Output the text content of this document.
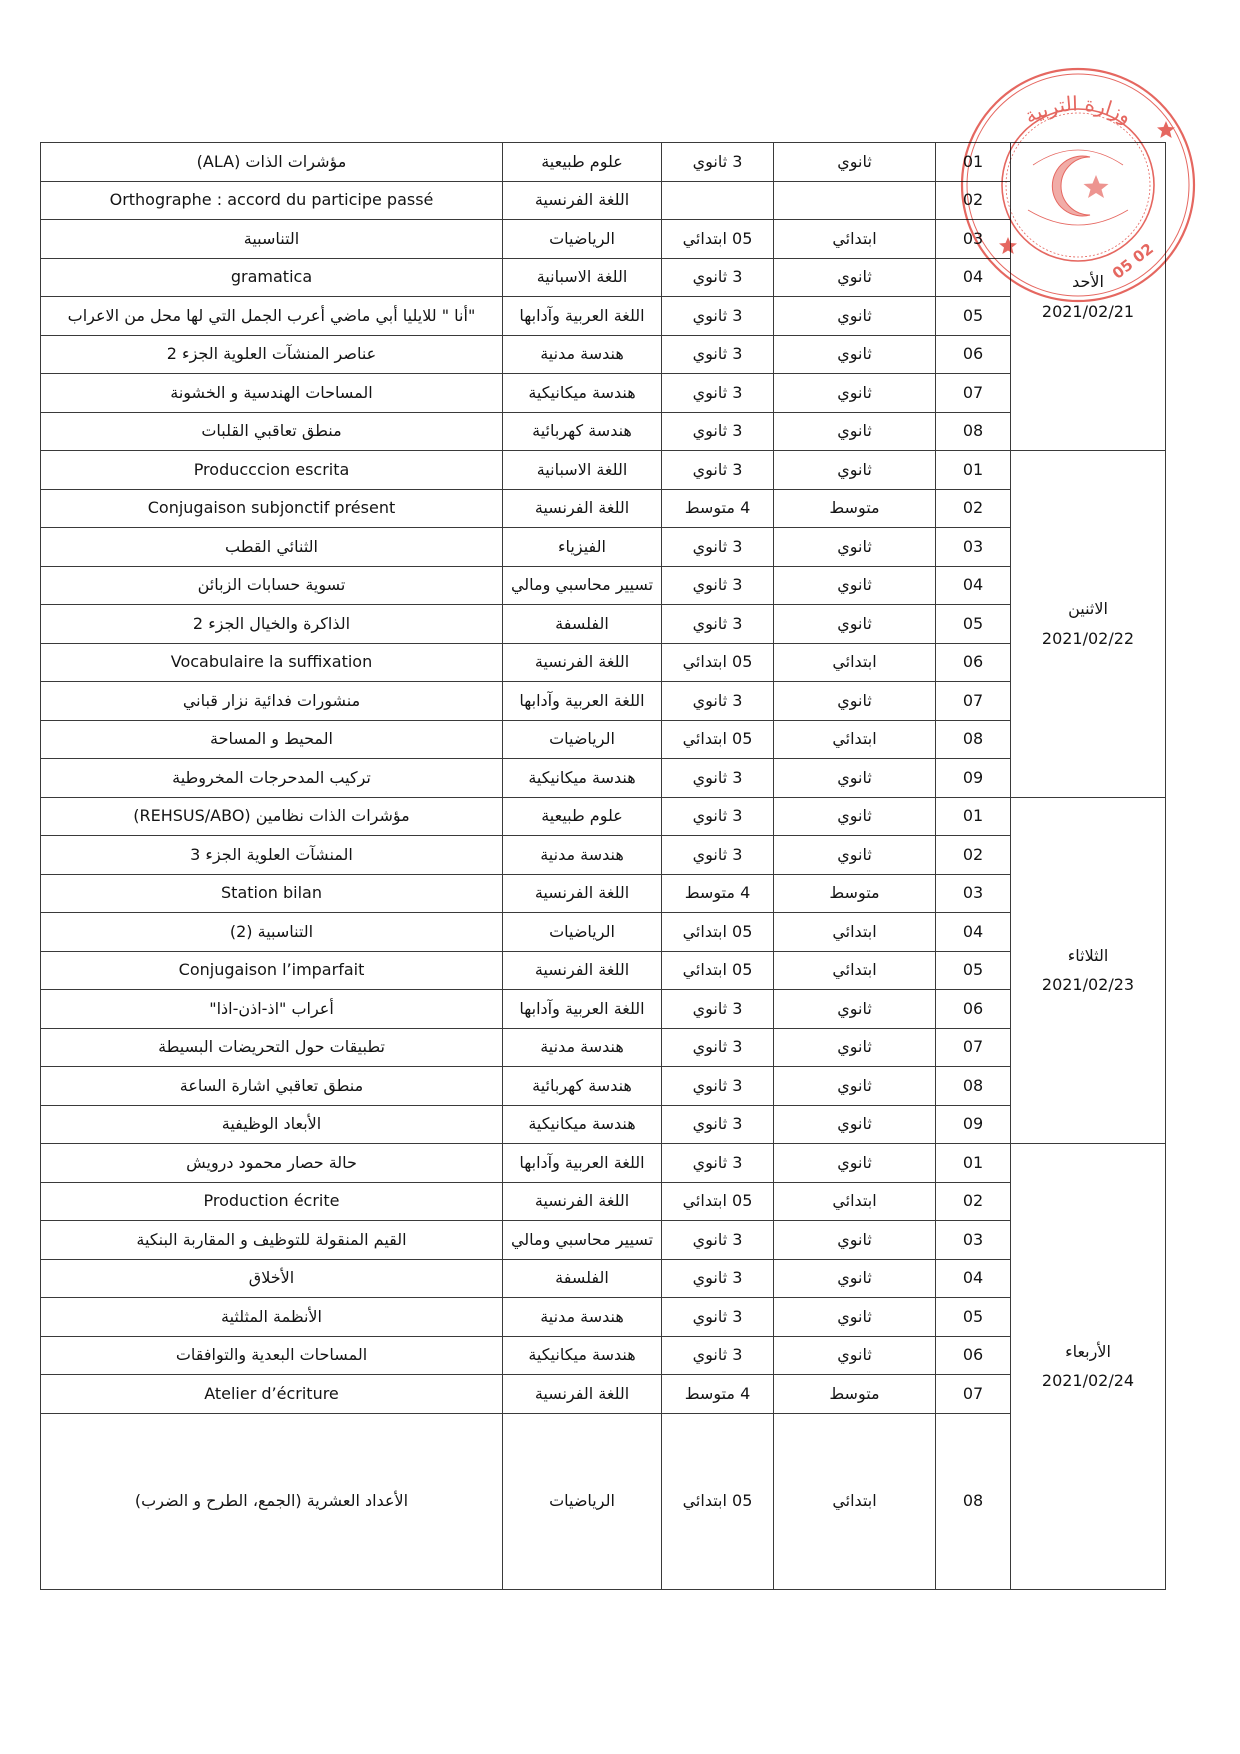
الأحد
2021/02/21	01	ثانوي	3 ثانوي	علوم طبيعية	مؤشرات الذات (ALA)
	02			اللغة الفرنسية	Orthographe : accord du participe passé
	03	ابتدائي	05 ابتدائي	الرياضيات	التناسبية
	04	ثانوي	3 ثانوي	اللغة الاسبانية	gramatica
	05	ثانوي	3 ثانوي	اللغة العربية وآدابها	"أنا " للايليا أبي ماضي أعرب الجمل التي لها محل من الاعراب
	06	ثانوي	3 ثانوي	هندسة مدنية	عناصر المنشآت العلوية الجزء 2
	07	ثانوي	3 ثانوي	هندسة ميكانيكية	المساحات الهندسية و الخشونة
	08	ثانوي	3 ثانوي	هندسة كهربائية	منطق تعاقبي القلبات

الاثنين
2021/02/22	01	ثانوي	3 ثانوي	اللغة الاسبانية	Producccion escrita
	02	متوسط	4 متوسط	اللغة الفرنسية	Conjugaison subjonctif présent
	03	ثانوي	3 ثانوي	الفيزياء	الثنائي القطب
	04	ثانوي	3 ثانوي	تسيير محاسبي ومالي	تسوية حسابات الزبائن
	05	ثانوي	3 ثانوي	الفلسفة	الذاكرة والخيال الجزء 2
	06	ابتدائي	05 ابتدائي	اللغة الفرنسية	Vocabulaire la suffixation
	07	ثانوي	3 ثانوي	اللغة العربية وآدابها	منشورات فدائية نزار قباني
	08	ابتدائي	05 ابتدائي	الرياضيات	المحيط و المساحة
	09	ثانوي	3 ثانوي	هندسة ميكانيكية	تركيب المدحرجات المخروطية

الثلاثاء
2021/02/23	01	ثانوي	3 ثانوي	علوم طبيعية	مؤشرات الذات نظامين (REHSUS/ABO)
	02	ثانوي	3 ثانوي	هندسة مدنية	المنشآت العلوية الجزء 3
	03	متوسط	4 متوسط	اللغة الفرنسية	Station bilan
	04	ابتدائي	05 ابتدائي	الرياضيات	التناسبية (2)
	05	ابتدائي	05 ابتدائي	اللغة الفرنسية	Conjugaison l’imparfait
	06	ثانوي	3 ثانوي	اللغة العربية وآدابها	أعراب "اذ-اذن-اذا"
	07	ثانوي	3 ثانوي	هندسة مدنية	تطبيقات حول التحريضات البسيطة
	08	ثانوي	3 ثانوي	هندسة كهربائية	منطق تعاقبي اشارة الساعة
	09	ثانوي	3 ثانوي	هندسة ميكانيكية	الأبعاد الوظيفية

الأربعاء
2021/02/24	01	ثانوي	3 ثانوي	اللغة العربية وآدابها	حالة حصار محمود درويش
	02	ابتدائي	05 ابتدائي	اللغة الفرنسية	Production écrite
	03	ثانوي	3 ثانوي	تسيير محاسبي ومالي	القيم المنقولة للتوظيف و المقاربة البنكية
	04	ثانوي	3 ثانوي	الفلسفة	الأخلاق
	05	ثانوي	3 ثانوي	هندسة مدنية	الأنظمة المثلثية
	06	ثانوي	3 ثانوي	هندسة ميكانيكية	المساحات البعدية والتوافقات
	07	متوسط	4 متوسط	اللغة الفرنسية	Atelier d’écriture
	08	ابتدائي	05 ابتدائي	الرياضيات	الأعداد العشرية (الجمع، الطرح و الضرب)
وزارة التربية
05 02
